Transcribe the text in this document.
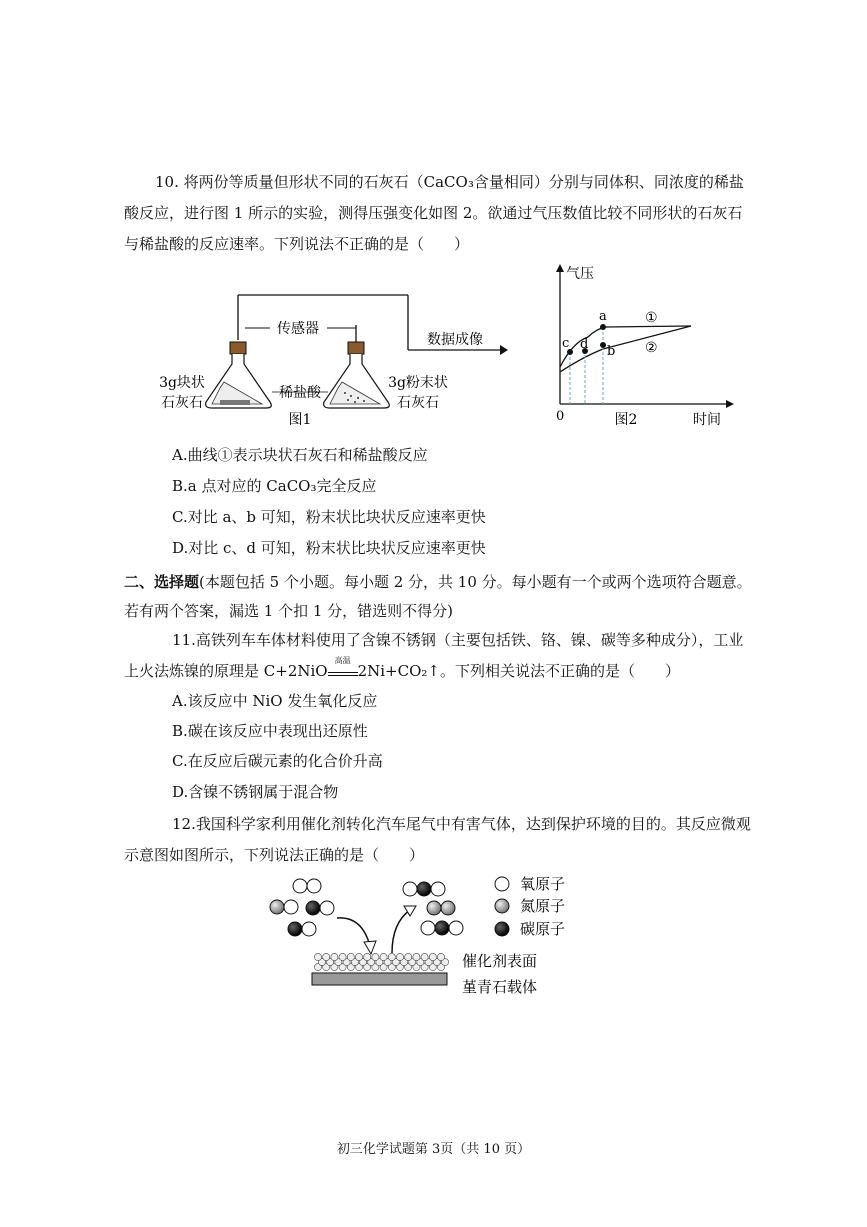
10. 将两份等质量但形状不同的石灰石（CaCO₃含量相同）分别与同体积、同浓度的稀盐
酸反应，进行图 1 所示的实验，测得压强变化如图 2。欲通过气压数值比较不同形状的石灰石
与稀盐酸的反应速率。下列说法不正确的是（　　）
传感器
数据成像
3g块状
石灰石
稀盐酸
3g粉末状
石灰石
图1
气压
时间
0	图2
c d
a
b
①
②
A.曲线①表示块状石灰石和稀盐酸反应
B.a 点对应的 CaCO₃完全反应
C.对比 a、b 可知，粉末状比块状反应速率更快
D.对比 c、d 可知，粉末状比块状反应速率更快
二、选择题(本题包括 5 个小题。每小题 2 分，共 10 分。每小题有一个或两个选项符合题意。
若有两个答案，漏选 1 个扣 1 分，错选则不得分)
11.高铁列车车体材料使用了含镍不锈钢（主要包括铁、铬、镍、碳等多种成分），工业
上火法炼镍的原理是 C+2NiO
高温
2Ni+CO₂↑。下列相关说法不正确的是（　　）
A.该反应中 NiO 发生氧化反应
B.碳在该反应中表现出还原性
C.在反应后碳元素的化合价升高
D.含镍不锈钢属于混合物
12.我国科学家利用催化剂转化汽车尾气中有害气体，达到保护环境的目的。其反应微观
示意图如图所示，下列说法正确的是（　　）
氧原子
氮原子
碳原子
催化剂表面
堇青石载体
初三化学试题第 3页（共 10 页）
